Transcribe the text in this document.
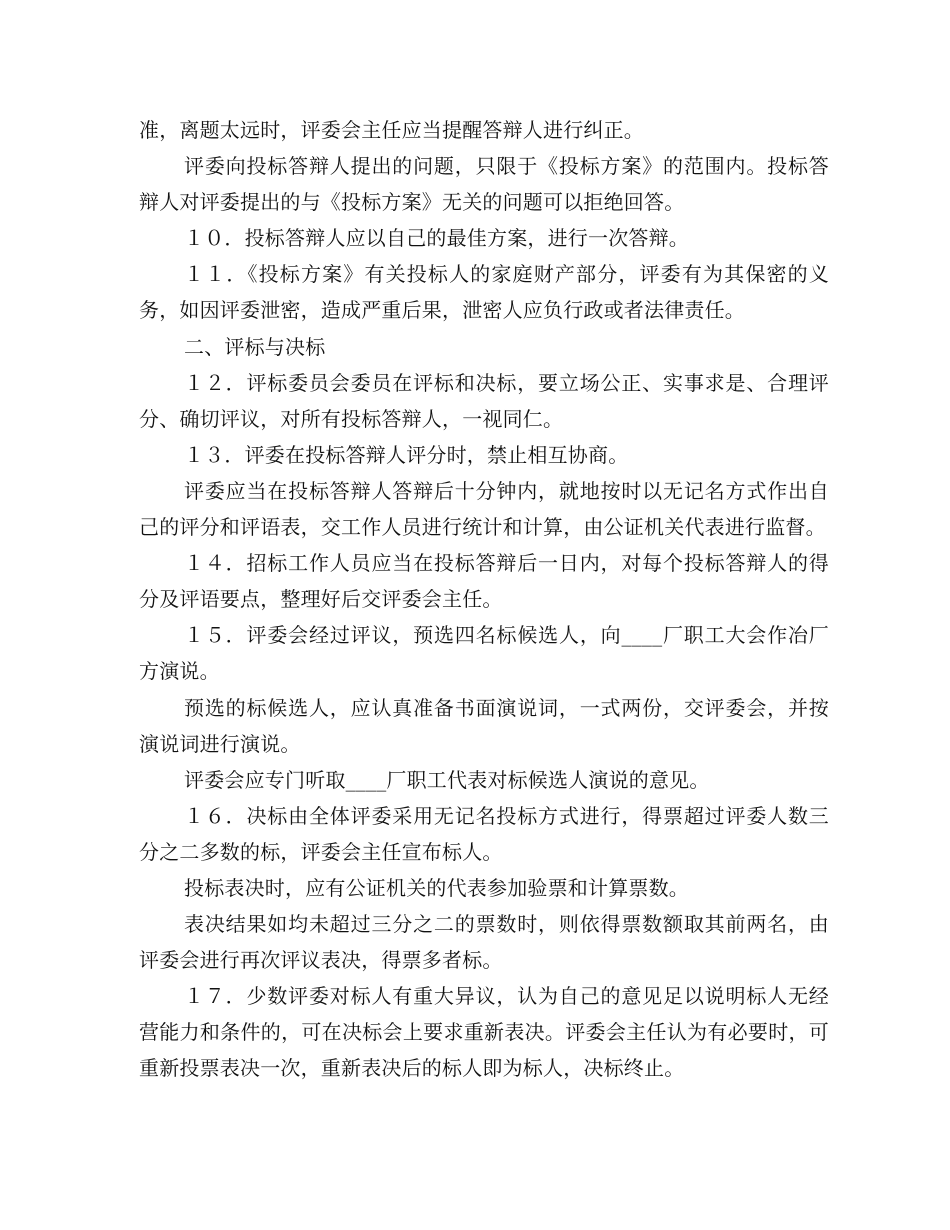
准，离题太远时，评委会主任应当提醒答辩人进行纠正。

评委向投标答辩人提出的问题，只限于《投标方案》的范围内。投标答辩人对评委提出的与《投标方案》无关的问题可以拒绝回答。

１０．投标答辩人应以自己的最佳方案，进行一次答辩。

１１．《投标方案》有关投标人的家庭财产部分，评委有为其保密的义务，如因评委泄密，造成严重后果，泄密人应负行政或者法律责任。

二、评标与决标

１２．评标委员会委员在评标和决标，要立场公正、实事求是、合理评分、确切评议，对所有投标答辩人，一视同仁。

１３．评委在投标答辩人评分时，禁止相互协商。

评委应当在投标答辩人答辩后十分钟内，就地按时以无记名方式作出自己的评分和评语表，交工作人员进行统计和计算，由公证机关代表进行监督。

１４．招标工作人员应当在投标答辩后一日内，对每个投标答辩人的得分及评语要点，整理好后交评委会主任。

１５．评委会经过评议，预选四名标候选人，向____厂职工大会作冶厂方演说。

预选的标候选人，应认真准备书面演说词，一式两份，交评委会，并按演说词进行演说。

评委会应专门听取____厂职工代表对标候选人演说的意见。

１６．决标由全体评委采用无记名投标方式进行，得票超过评委人数三分之二多数的标，评委会主任宣布标人。

投标表决时，应有公证机关的代表参加验票和计算票数。

表决结果如均未超过三分之二的票数时，则依得票数额取其前两名，由评委会进行再次评议表决，得票多者标。

１７．少数评委对标人有重大异议，认为自己的意见足以说明标人无经营能力和条件的，可在决标会上要求重新表决。评委会主任认为有必要时，可重新投票表决一次，重新表决后的标人即为标人，决标终止。
